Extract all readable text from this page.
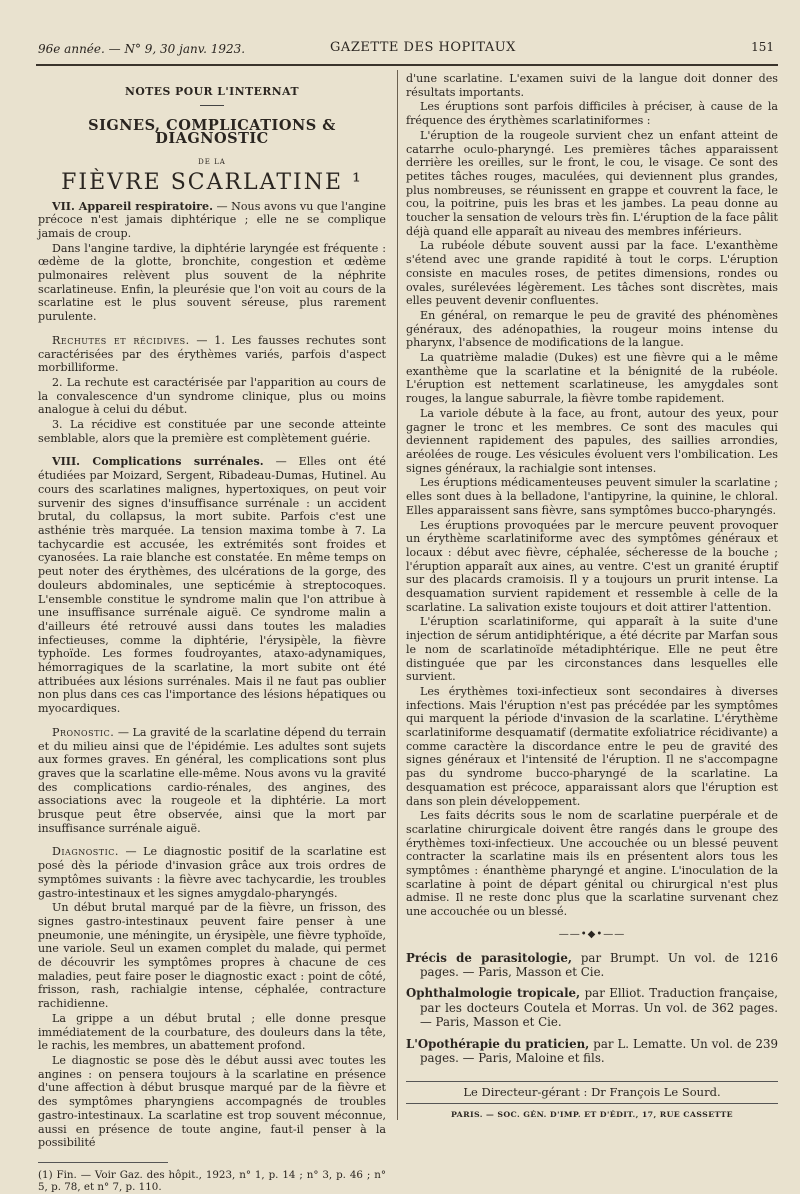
96e année. — N° 9, 30 janv. 1923.	GAZETTE DES HOPITAUX	151
NOTES POUR L'INTERNAT
SIGNES, COMPLICATIONS & DIAGNOSTIC
DE LA
FIÈVRE SCARLATINE ¹

VII. Appareil respiratoire. — Nous avons vu que l'angine précoce n'est jamais diphtérique ; elle ne se complique jamais de croup.

Dans l'angine tardive, la diphtérie laryngée est fréquente : œdème de la glotte, bronchite, congestion et œdème pulmonaires relèvent plus souvent de la néphrite scarlatineuse. Enfin, la pleurésie que l'on voit au cours de la scarlatine est le plus souvent séreuse, plus rarement purulente.

Rechutes et récidives. — 1. Les fausses rechutes sont caractérisées par des érythèmes variés, parfois d'aspect morbilliforme.

2. La rechute est caractérisée par l'apparition au cours de la convalescence d'un syndrome clinique, plus ou moins analogue à celui du début.

3. La récidive est constituée par une seconde atteinte semblable, alors que la première est complètement guérie.

VIII. Complications surrénales. — Elles ont été étudiées par Moizard, Sergent, Ribadeau-Dumas, Hutinel. Au cours des scarlatines malignes, hypertoxiques, on peut voir survenir des signes d'insuffisance surrénale : un accident brutal, du collapsus, la mort subite. Parfois c'est une asthénie très marquée. La tension maxima tombe à 7. La tachycardie est accusée, les extrémités sont froides et cyanosées. La raie blanche est constatée. En même temps on peut noter des érythèmes, des ulcérations de la gorge, des douleurs abdominales, une septicémie à streptocoques. L'ensemble constitue le syndrome malin que l'on attribue à une insuffisance surrénale aiguë. Ce syndrome malin a d'ailleurs été retrouvé aussi dans toutes les maladies infectieuses, comme la diphtérie, l'érysipèle, la fièvre typhoïde. Les formes foudroyantes, ataxo-adynamiques, hémorragiques de la scarlatine, la mort subite ont été attribuées aux lésions surrénales. Mais il ne faut pas oublier non plus dans ces cas l'importance des lésions hépatiques ou myocardiques.

Pronostic. — La gravité de la scarlatine dépend du terrain et du milieu ainsi que de l'épidémie. Les adultes sont sujets aux formes graves. En général, les complications sont plus graves que la scarlatine elle-même. Nous avons vu la gravité des complications cardio-rénales, des angines, des associations avec la rougeole et la diphtérie. La mort brusque peut être observée, ainsi que la mort par insuffisance surrénale aiguë.

Diagnostic. — Le diagnostic positif de la scarlatine est posé dès la période d'invasion grâce aux trois ordres de symptômes suivants : la fièvre avec tachycardie, les troubles gastro-intestinaux et les signes amygdalo-pharyngés.

Un début brutal marqué par de la fièvre, un frisson, des signes gastro-intestinaux peuvent faire penser à une pneumonie, une méningite, un érysipèle, une fièvre typhoïde, une variole. Seul un examen complet du malade, qui permet de découvrir les symptômes propres à chacune de ces maladies, peut faire poser le diagnostic exact : point de côté, frisson, rash, rachialgie intense, céphalée, contracture rachidienne.

La grippe a un début brutal ; elle donne presque immédiatement de la courbature, des douleurs dans la tête, le rachis, les membres, un abattement profond.

Le diagnostic se pose dès le début aussi avec toutes les angines : on pensera toujours à la scarlatine en présence d'une affection à début brusque marqué par de la fièvre et des symptômes pharyngiens accompagnés de troubles gastro-intestinaux. La scarlatine est trop souvent méconnue, aussi en présence de toute angine, faut-il penser à la possibilité

(1) Fin. — Voir Gaz. des hôpit., 1923, n° 1, p. 14 ; n° 3, p. 46 ; n° 5, p. 78, et n° 7, p. 110.

d'une scarlatine. L'examen suivi de la langue doit donner des résultats importants.

Les éruptions sont parfois difficiles à préciser, à cause de la fréquence des érythèmes scarlatiniformes :

L'éruption de la rougeole survient chez un enfant atteint de catarrhe oculo-pharyngé. Les premières tâches apparaissent derrière les oreilles, sur le front, le cou, le visage. Ce sont des petites tâches rouges, maculées, qui deviennent plus grandes, plus nombreuses, se réunissent en grappe et couvrent la face, le cou, la poitrine, puis les bras et les jambes. La peau donne au toucher la sensation de velours très fin. L'éruption de la face pâlit déjà quand elle apparaît au niveau des membres inférieurs.

La rubéole débute souvent aussi par la face. L'exanthème s'étend avec une grande rapidité à tout le corps. L'éruption consiste en macules roses, de petites dimensions, rondes ou ovales, surélevées légèrement. Les tâches sont discrètes, mais elles peuvent devenir confluentes.

En général, on remarque le peu de gravité des phénomènes généraux, des adénopathies, la rougeur moins intense du pharynx, l'absence de modifications de la langue.

La quatrième maladie (Dukes) est une fièvre qui a le même exanthème que la scarlatine et la bénignité de la rubéole. L'éruption est nettement scarlatineuse, les amygdales sont rouges, la langue saburrale, la fièvre tombe rapidement.

La variole débute à la face, au front, autour des yeux, pour gagner le tronc et les membres. Ce sont des macules qui deviennent rapidement des papules, des saillies arrondies, aréolées de rouge. Les vésicules évoluent vers l'ombilication. Les signes généraux, la rachialgie sont intenses.

Les éruptions médicamenteuses peuvent simuler la scarlatine ; elles sont dues à la belladone, l'antipyrine, la quinine, le chloral. Elles apparaissent sans fièvre, sans symptômes bucco-pharyngés.

Les éruptions provoquées par le mercure peuvent provoquer un érythème scarlatiniforme avec des symptômes généraux et locaux : début avec fièvre, céphalée, sécheresse de la bouche ; l'éruption apparaît aux aines, au ventre. C'est un granité éruptif sur des placards cramoisis. Il y a toujours un prurit intense. La desquamation survient rapidement et ressemble à celle de la scarlatine. La salivation existe toujours et doit attirer l'attention.

L'éruption scarlatiniforme, qui apparaît à la suite d'une injection de sérum antidiphtérique, a été décrite par Marfan sous le nom de scarlatinoïde métadiphtérique. Elle ne peut être distinguée que par les circonstances dans lesquelles elle survient.

Les érythèmes toxi-infectieux sont secondaires à diverses infections. Mais l'éruption n'est pas précédée par les symptômes qui marquent la période d'invasion de la scarlatine. L'érythème scarlatiniforme desquamatif (dermatite exfoliatrice récidivante) a comme caractère la discordance entre le peu de gravité des signes généraux et l'intensité de l'éruption. Il ne s'accompagne pas du syndrome bucco-pharyngé de la scarlatine. La desquamation est précoce, apparaissant alors que l'éruption est dans son plein développement.

Les faits décrits sous le nom de scarlatine puerpérale et de scarlatine chirurgicale doivent être rangés dans le groupe des érythèmes toxi-infectieux. Une accouchée ou un blessé peuvent contracter la scarlatine mais ils en présentent alors tous les symptômes : énanthème pharyngé et angine. L'inoculation de la scarlatine à point de départ génital ou chirurgical n'est plus admise. Il ne reste donc plus que la scarlatine survenant chez une accouchée ou un blessé.

——•◆•——

Précis de parasitologie, par Brumpt. Un vol. de 1216 pages. — Paris, Masson et Cie.

Ophthalmologie tropicale, par Elliot. Traduction française, par les docteurs Coutela et Morras. Un vol. de 362 pages. — Paris, Masson et Cie.

L'Opothérapie du praticien, par L. Lematte. Un vol. de 239 pages. — Paris, Maloine et fils.

Le Directeur-gérant : Dr François Le Sourd.
PARIS. — SOC. GÉN. D'IMP. ET D'ÉDIT., 17, RUE CASSETTE
